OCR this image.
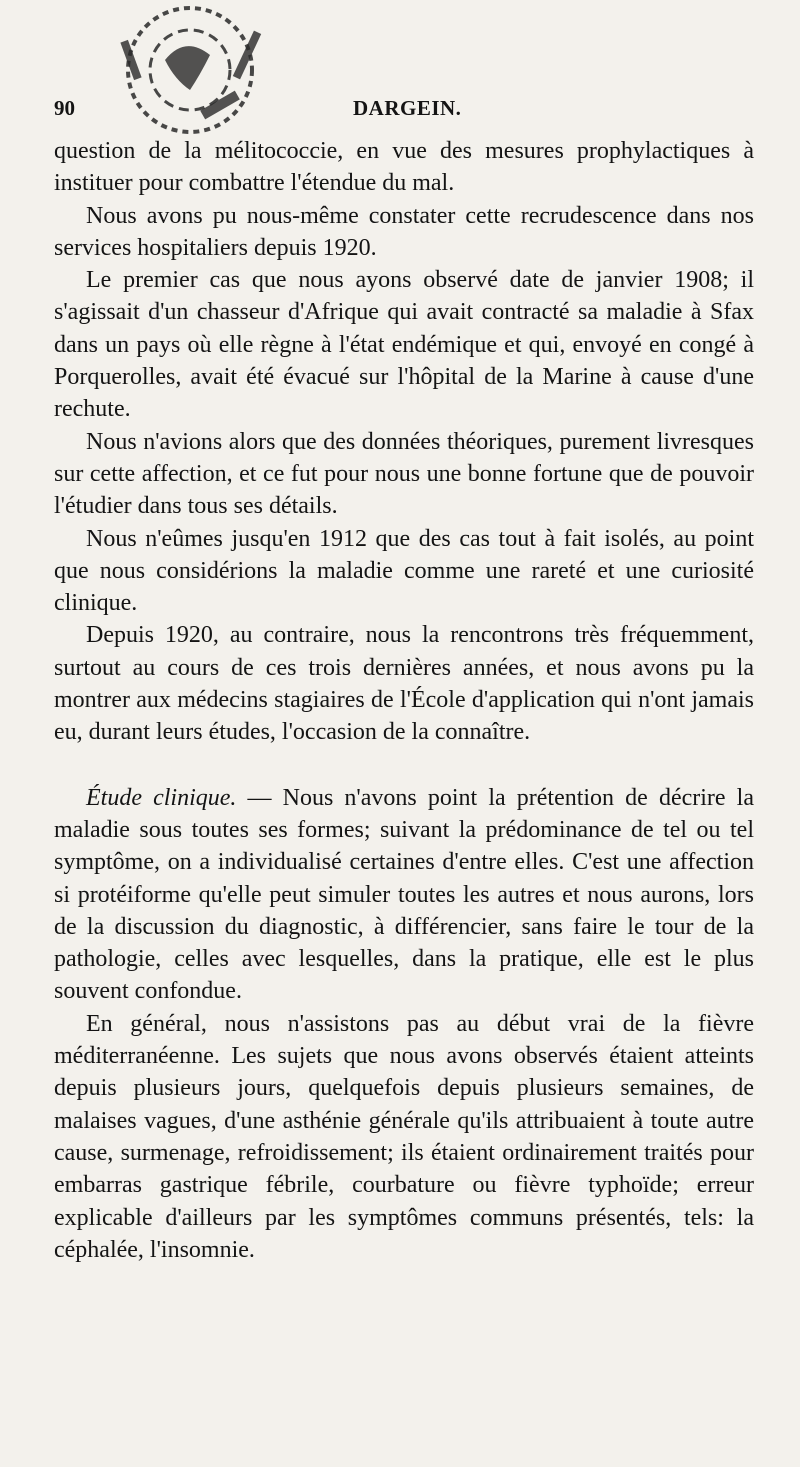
90	DARGEIN.

question de la mélitococcie, en vue des mesures prophylactiques à instituer pour combattre l'étendue du mal.

Nous avons pu nous-même constater cette recrudescence dans nos services hospitaliers depuis 1920.

Le premier cas que nous ayons observé date de janvier 1908; il s'agissait d'un chasseur d'Afrique qui avait contracté sa maladie à Sfax dans un pays où elle règne à l'état endémique et qui, envoyé en congé à Porquerolles, avait été évacué sur l'hôpital de la Marine à cause d'une rechute.

Nous n'avions alors que des données théoriques, purement livresques sur cette affection, et ce fut pour nous une bonne fortune que de pouvoir l'étudier dans tous ses détails.

Nous n'eûmes jusqu'en 1912 que des cas tout à fait isolés, au point que nous considérions la maladie comme une rareté et une curiosité clinique.

Depuis 1920, au contraire, nous la rencontrons très fréquemment, surtout au cours de ces trois dernières années, et nous avons pu la montrer aux médecins stagiaires de l'École d'application qui n'ont jamais eu, durant leurs études, l'occasion de la connaître.

Étude clinique. — Nous n'avons point la prétention de décrire la maladie sous toutes ses formes; suivant la prédominance de tel ou tel symptôme, on a individualisé certaines d'entre elles. C'est une affection si protéiforme qu'elle peut simuler toutes les autres et nous aurons, lors de la discussion du diagnostic, à différencier, sans faire le tour de la pathologie, celles avec lesquelles, dans la pratique, elle est le plus souvent confondue.

En général, nous n'assistons pas au début vrai de la fièvre méditerranéenne. Les sujets que nous avons observés étaient atteints depuis plusieurs jours, quelquefois depuis plusieurs semaines, de malaises vagues, d'une asthénie générale qu'ils attribuaient à toute autre cause, surmenage, refroidissement; ils étaient ordinairement traités pour embarras gastrique fébrile, courbature ou fièvre typhoïde; erreur explicable d'ailleurs par les symptômes communs présentés, tels: la céphalée, l'insomnie.
